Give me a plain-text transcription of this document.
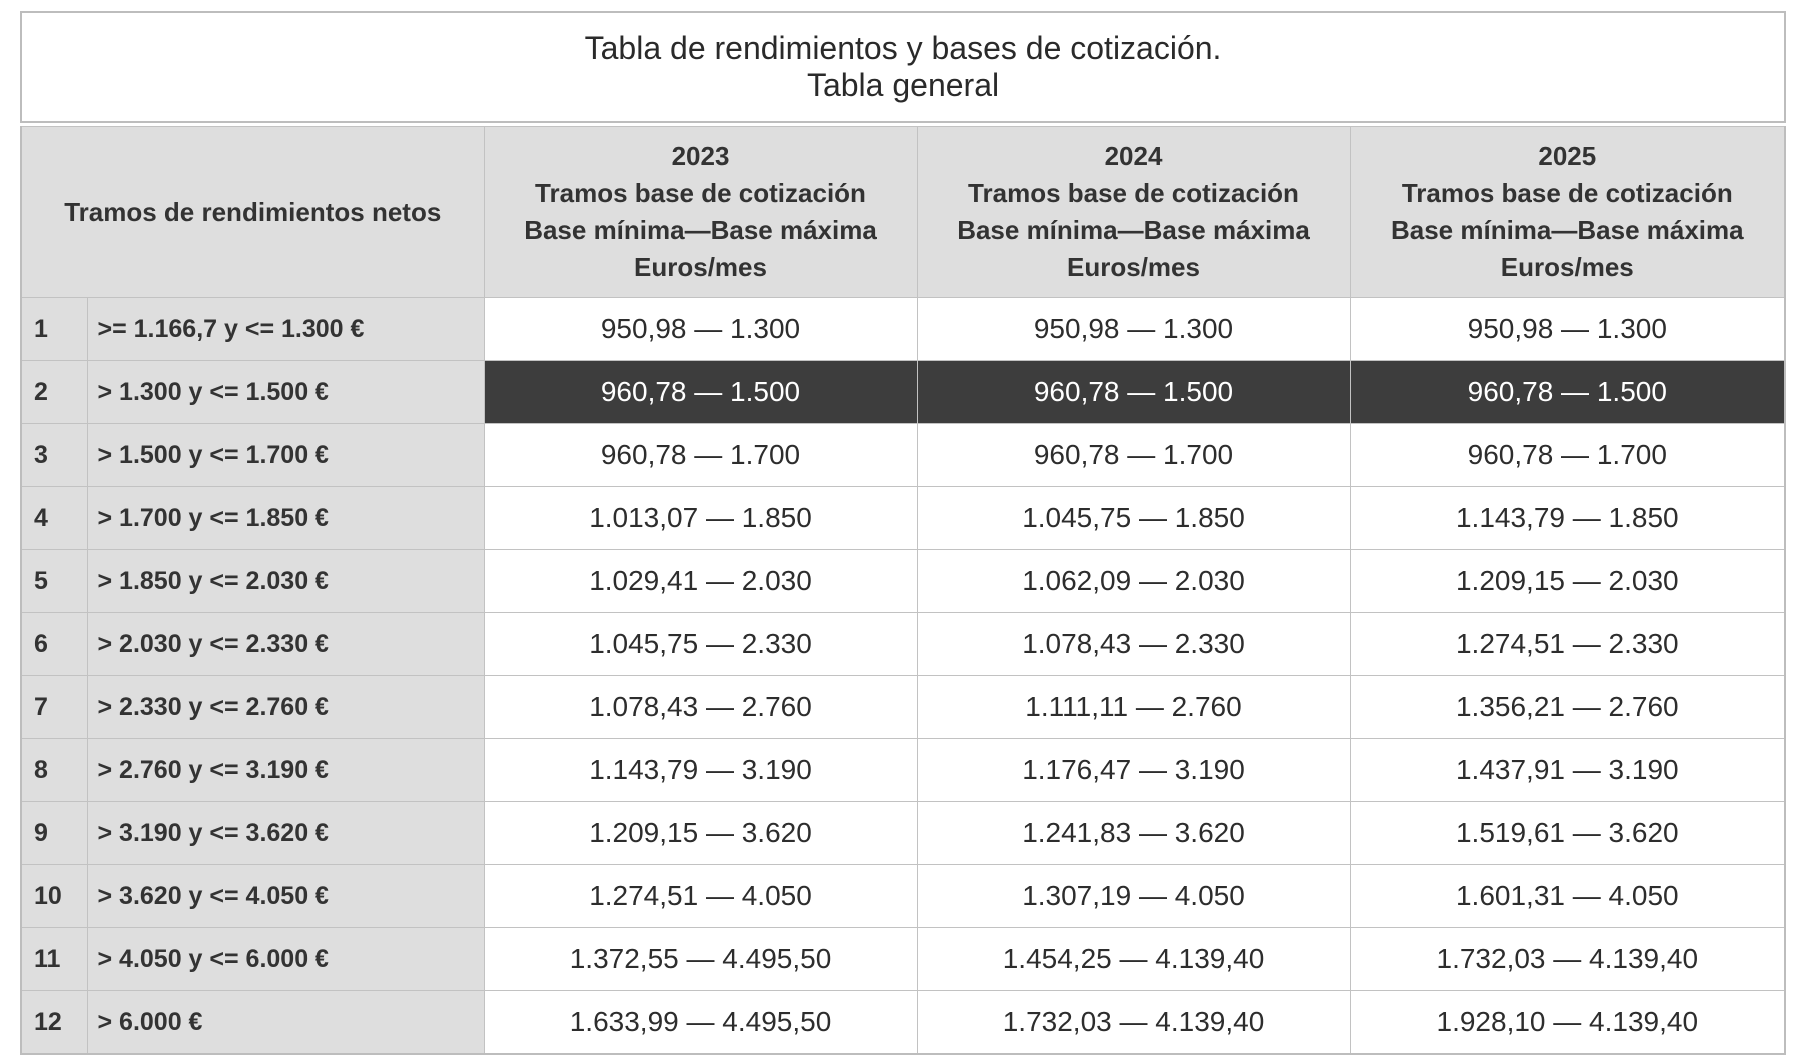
Tabla de rendimientos y bases de cotización.
Tabla general				

Tramos de rendimientos netos		2023
Tramos base de cotización
Base mínima—Base máxima
Euros/mes	2024
Tramos base de cotización
Base mínima—Base máxima
Euros/mes	2025
Tramos base de cotización
Base mínima—Base máxima
Euros/mes

1	>= 1.166,7 y <= 1.300 €	950,98 — 1.300	950,98 — 1.300	950,98 — 1.300
2	> 1.300 y <= 1.500 €	960,78 — 1.500	960,78 — 1.500	960,78 — 1.500
3	> 1.500 y <= 1.700 €	960,78 — 1.700	960,78 — 1.700	960,78 — 1.700
4	> 1.700 y <= 1.850 €	1.013,07 — 1.850	1.045,75 — 1.850	1.143,79 — 1.850
5	> 1.850 y <= 2.030 €	1.029,41 — 2.030	1.062,09 — 2.030	1.209,15 — 2.030
6	> 2.030 y <= 2.330 €	1.045,75 — 2.330	1.078,43 — 2.330	1.274,51 — 2.330
7	> 2.330 y <= 2.760 €	1.078,43 — 2.760	1.111,11 — 2.760	1.356,21 — 2.760
8	> 2.760 y <= 3.190 €	1.143,79 — 3.190	1.176,47 — 3.190	1.437,91 — 3.190
9	> 3.190 y <= 3.620 €	1.209,15 — 3.620	1.241,83 — 3.620	1.519,61 — 3.620
10	> 3.620 y <= 4.050 €	1.274,51 — 4.050	1.307,19 — 4.050	1.601,31 — 4.050
11	> 4.050 y <= 6.000 €	1.372,55 — 4.495,50	1.454,25 — 4.139,40	1.732,03 — 4.139,40
12	> 6.000 €	1.633,99 — 4.495,50	1.732,03 — 4.139,40	1.928,10 — 4.139,40
